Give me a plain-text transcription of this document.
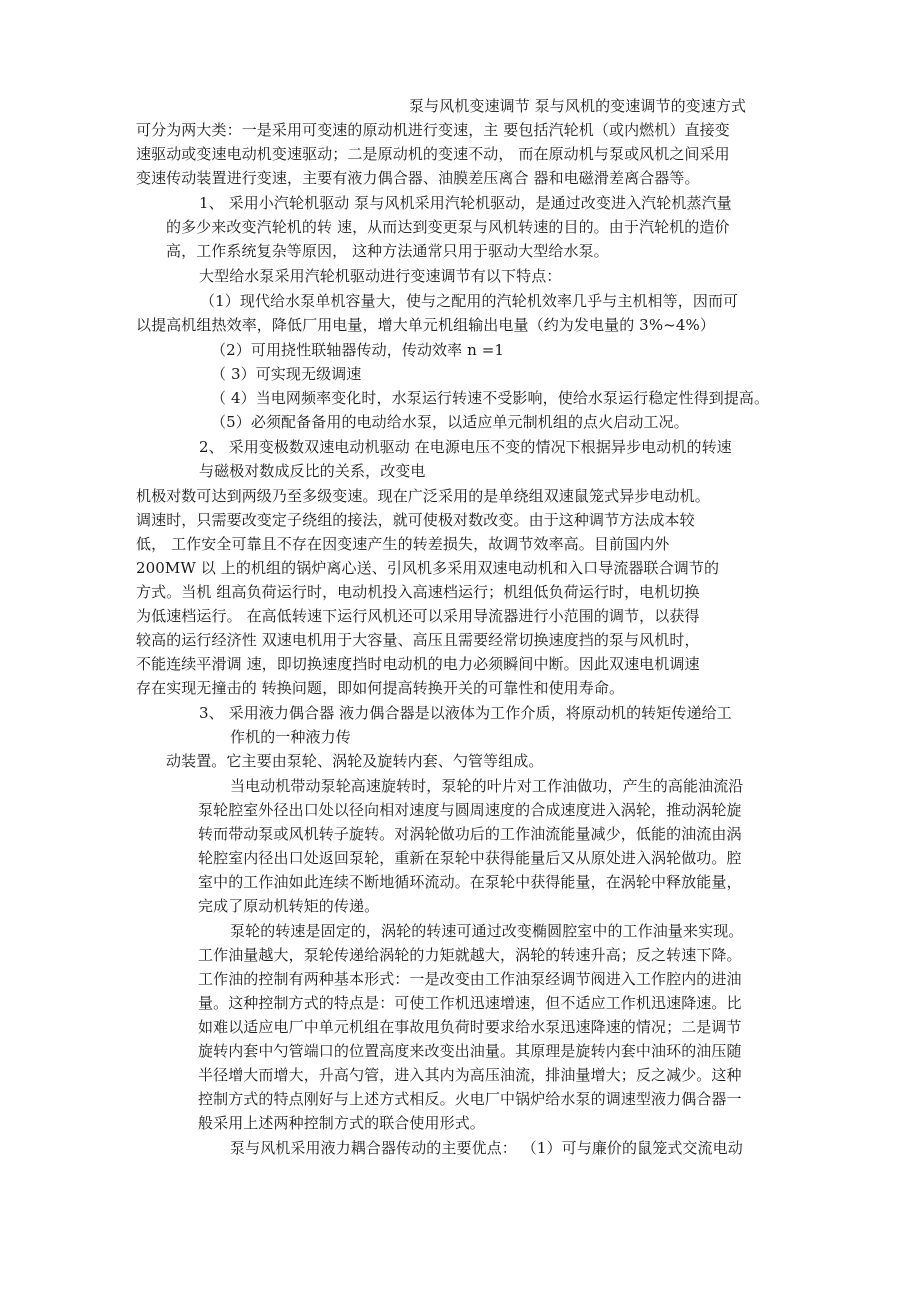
泵与风机变速调节 泵与风机的变速调节的变速方式
可分为两大类：一是采用可变速的原动机进行变速，主 要包括汽轮机（或内燃机）直接变
速驱动或变速电动机变速驱动；二是原动机的变速不动， 而在原动机与泵或风机之间采用
变速传动装置进行变速，主要有液力偶合器、油膜差压离合 器和电磁滑差离合器等。
1、 采用小汽轮机驱动 泵与风机采用汽轮机驱动，是通过改变进入汽轮机蒸汽量
的多少来改变汽轮机的转 速，从而达到变更泵与风机转速的目的。由于汽轮机的造价
高，工作系统复杂等原因， 这种方法通常只用于驱动大型给水泵。
大型给水泵采用汽轮机驱动进行变速调节有以下特点：
（1）现代给水泵单机容量大，使与之配用的汽轮机效率几乎与主机相等，因而可
以提高机组热效率，降低厂用电量，增大单元机组输出电量（约为发电量的 3%~4%）
（2）可用挠性联轴器传动，传动效率 n =1
（ 3）可实现无级调速
（ 4）当电网频率变化时，水泵运行转速不受影响，使给水泵运行稳定性得到提高。
（5）必须配备备用的电动给水泵，以适应单元制机组的点火启动工况。
2、 采用变极数双速电动机驱动 在电源电压不变的情况下根据异步电动机的转速
与磁极对数成反比的关系，改变电
机极对数可达到两级乃至多级变速。现在广泛采用的是单绕组双速鼠笼式异步电动机。
调速时，只需要改变定子绕组的接法，就可使极对数改变。由于这种调节方法成本较
低， 工作安全可靠且不存在因变速产生的转差损失，故调节效率高。目前国内外
200MW 以 上的机组的锅炉离心送、引风机多采用双速电动机和入口导流器联合调节的
方式。当机 组高负荷运行时，电动机投入高速档运行；机组低负荷运行时，电机切换
为低速档运行。 在高低转速下运行风机还可以采用导流器进行小范围的调节，以获得
较高的运行经济性 双速电机用于大容量、高压且需要经常切换速度挡的泵与风机时，
不能连续平滑调 速，即切换速度挡时电动机的电力必须瞬间中断。因此双速电机调速
存在实现无撞击的 转换问题，即如何提高转换开关的可靠性和使用寿命。
3、 采用液力偶合器 液力偶合器是以液体为工作介质，将原动机的转矩传递给工
作机的一种液力传
动装置。它主要由泵轮、涡轮及旋转内套、勺管等组成。
当电动机带动泵轮高速旋转时，泵轮的叶片对工作油做功，产生的高能油流沿
泵轮腔室外径出口处以径向相对速度与圆周速度的合成速度进入涡轮，推动涡轮旋
转而带动泵或风机转子旋转。对涡轮做功后的工作油流能量减少，低能的油流由涡
轮腔室内径出口处返回泵轮，重新在泵轮中获得能量后又从原处进入涡轮做功。腔
室中的工作油如此连续不断地循环流动。在泵轮中获得能量，在涡轮中释放能量，
完成了原动机转矩的传递。
泵轮的转速是固定的，涡轮的转速可通过改变椭圆腔室中的工作油量来实现。
工作油量越大，泵轮传递给涡轮的力矩就越大，涡轮的转速升高；反之转速下降。
工作油的控制有两种基本形式：一是改变由工作油泵经调节阀进入工作腔内的进油
量。这种控制方式的特点是：可使工作机迅速增速，但不适应工作机迅速降速。比
如难以适应电厂中单元机组在事故甩负荷时要求给水泵迅速降速的情况；二是调节
旋转内套中勺管端口的位置高度来改变出油量。其原理是旋转内套中油环的油压随
半径增大而增大，升高勺管，进入其内为高压油流，排油量增大；反之减少。这种
控制方式的特点刚好与上述方式相反。火电厂中锅炉给水泵的调速型液力偶合器一
般采用上述两种控制方式的联合使用形式。
泵与风机采用液力耦合器传动的主要优点： （1）可与廉价的鼠笼式交流电动
